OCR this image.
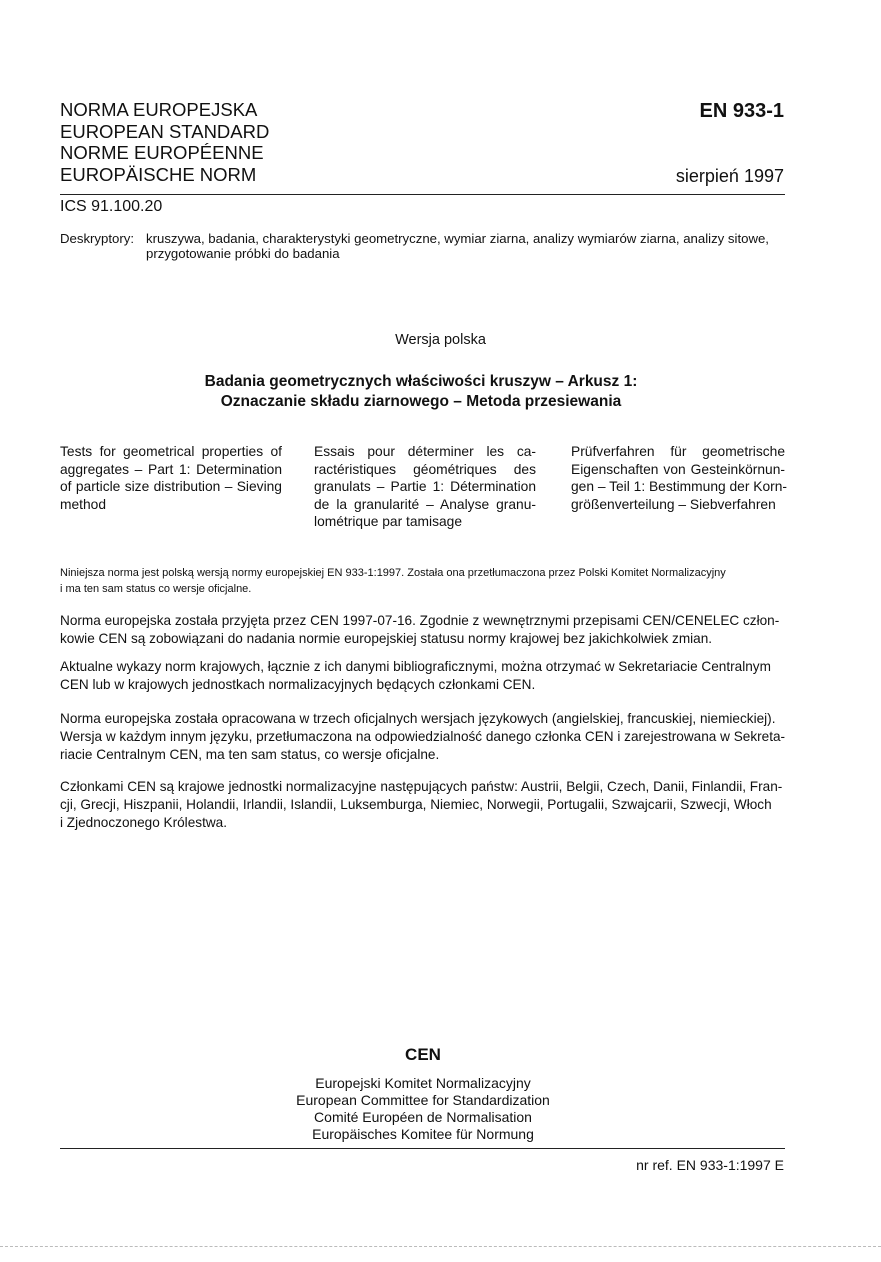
NORMA EUROPEJSKA
EUROPEAN STANDARD
NORME EUROPÉENNE
EUROPÄISCHE NORM
EN 933-1
sierpień 1997
ICS 91.100.20
Deskryptory: kruszywa, badania, charakterystyki geometryczne, wymiar ziarna, analizy wymiarów ziarna, analizy sitowe, przygotowanie próbki do badania
Wersja polska
Badania geometrycznych właściwości kruszyw – Arkusz 1:
Oznaczanie składu ziarnowego – Metoda przesiewania
Tests for geometrical properties of
aggregates – Part 1: Determination
of particle size distribution – Sieving
method
Essais pour déterminer les ca-
ractéristiques géométriques des
granulats – Partie 1: Détermination
de la granularité – Analyse granu-
lométrique par tamisage
Prüfverfahren für geometrische
Eigenschaften von Gesteinkörnun-
gen – Teil 1: Bestimmung der Korn-
größenverteilung – Siebverfahren
Niniejsza norma jest polską wersją normy europejskiej EN 933-1:1997. Została ona przetłumaczona przez Polski Komitet Normalizacyjny
i ma ten sam status co wersje oficjalne.
Norma europejska została przyjęta przez CEN 1997-07-16. Zgodnie z wewnętrznymi przepisami CEN/CENELEC człon-
kowie CEN są zobowiązani do nadania normie europejskiej statusu normy krajowej bez jakichkolwiek zmian.
Aktualne wykazy norm krajowych, łącznie z ich danymi bibliograficznymi, można otrzymać w Sekretariacie Centralnym
CEN lub w krajowych jednostkach normalizacyjnych będących członkami CEN.
Norma europejska została opracowana w trzech oficjalnych wersjach językowych (angielskiej, francuskiej, niemieckiej).
Wersja w każdym innym języku, przetłumaczona na odpowiedzialność danego członka CEN i zarejestrowana w Sekreta-
riacie Centralnym CEN, ma ten sam status, co wersje oficjalne.
Członkami CEN są krajowe jednostki normalizacyjne następujących państw: Austrii, Belgii, Czech, Danii, Finlandii, Fran-
cji, Grecji, Hiszpanii, Holandii, Irlandii, Islandii, Luksemburga, Niemiec, Norwegii, Portugalii, Szwajcarii, Szwecji, Włoch
i Zjednoczonego Królestwa.
CEN
Europejski Komitet Normalizacyjny
European Committee for Standardization
Comité Européen de Normalisation
Europäisches Komitee für Normung
nr ref. EN 933-1:1997 E
